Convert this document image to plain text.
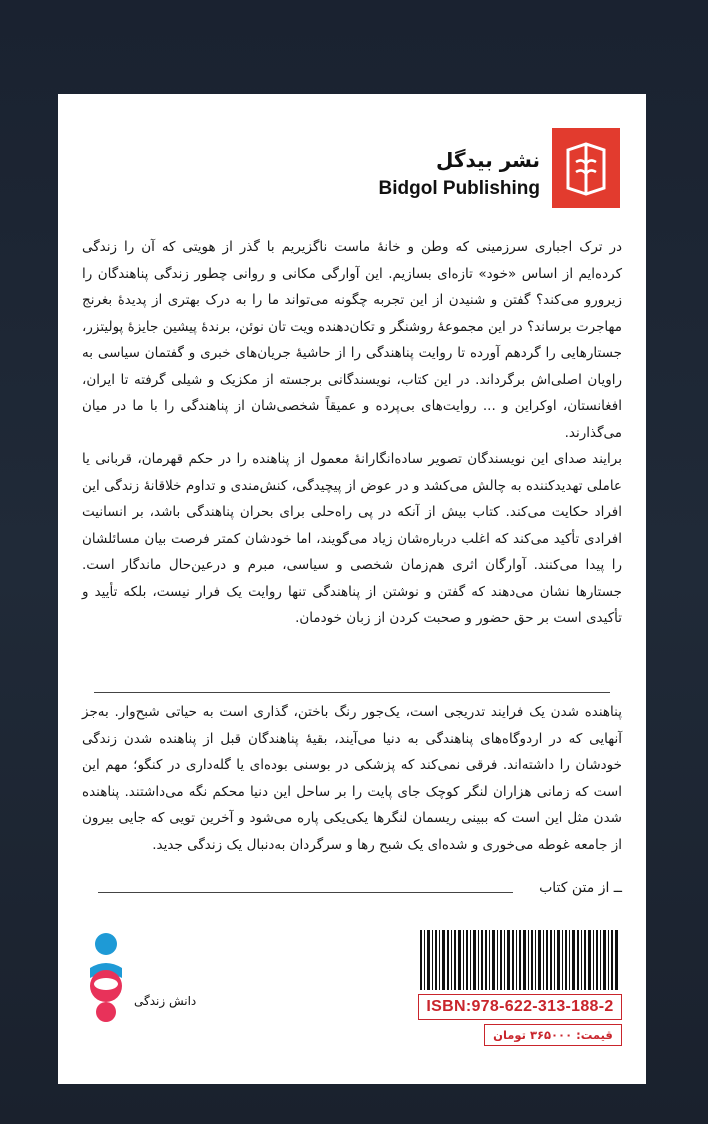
نشر بیدگل
Bidgol Publishing

در ترک اجباری سرزمینی که وطن و خانهٔ ماست ناگزیریم با گذر از هویتی که آن را زندگی کرده‌ایم از اساس «خود» تازه‌ای بسازیم. این آوارگی مکانی و روانی چطور زندگی پناهندگان را زیرورو می‌کند؟ گفتن و شنیدن از این تجربه چگونه می‌تواند ما را به درک بهتری از پدیدهٔ بغرنج مهاجرت برساند؟ در این مجموعهٔ روشنگر و تکان‌دهنده ویت تان نوئن، برندهٔ پیشین جایزهٔ پولیتزر، جستارهایی را گردهم آورده تا روایت پناهندگی را از حاشیهٔ جریان‌های خبری و گفتمان سیاسی به راویان اصلی‌اش برگرداند. در این کتاب، نویسندگانی برجسته از مکزیک و شیلی گرفته تا ایران، افغانستان، اوکراین و ... روایت‌های بی‌پرده و عمیقاً شخصی‌شان از پناهندگی را با ما در میان می‌گذارند.

برایند صدای این نویسندگان تصویر ساده‌انگارانهٔ معمول از پناهنده را در حکم قهرمان، قربانی یا عاملی تهدیدکننده به چالش می‌کشد و در عوض از پیچیدگی، کنش‌مندی و تداوم خلاقانهٔ زندگی این افراد حکایت می‌کند. کتاب بیش از آنکه در پی راه‌حلی برای بحران پناهندگی باشد، بر انسانیت افرادی تأکید می‌کند که اغلب درباره‌شان زیاد می‌گویند، اما خودشان کمتر فرصت بیان مسائلشان را پیدا می‌کنند. آوارگان اثری هم‌زمان شخصی و سیاسی، مبرم و درعین‌حال ماندگار است. جستارها نشان می‌دهند که گفتن و نوشتن از پناهندگی تنها روایت یک فرار نیست، بلکه تأیید و تأکیدی است بر حق حضور و صحبت کردن از زبان خودمان.

پناهنده شدن یک فرایند تدریجی است، یک‌جور رنگ باختن، گذاری است به حیاتی شبح‌وار. به‌جز آنهایی که در اردوگاه‌های پناهندگی به دنیا می‌آیند، بقیهٔ پناهندگان قبل از پناهنده شدن زندگی خودشان را داشته‌اند. فرقی نمی‌کند که پزشکی در بوسنی بوده‌ای یا گله‌داری در کنگو؛ مهم این است که زمانی هزاران لنگر کوچک جای پایت را بر ساحل این دنیا محکم نگه می‌داشتند. پناهنده شدن مثل این است که ببینی ریسمان لنگرها یکی‌یکی پاره می‌شود و آخرین تویی که جایی بیرون از جامعه غوطه می‌خوری و شده‌ای یک شبح رها و سرگردان به‌دنبال یک زندگی جدید.

ــ از متن کتاب
دانش زندگی	ISBN:978-622-313-188-2
قیمت: ۳۶۵۰۰۰ تومان
